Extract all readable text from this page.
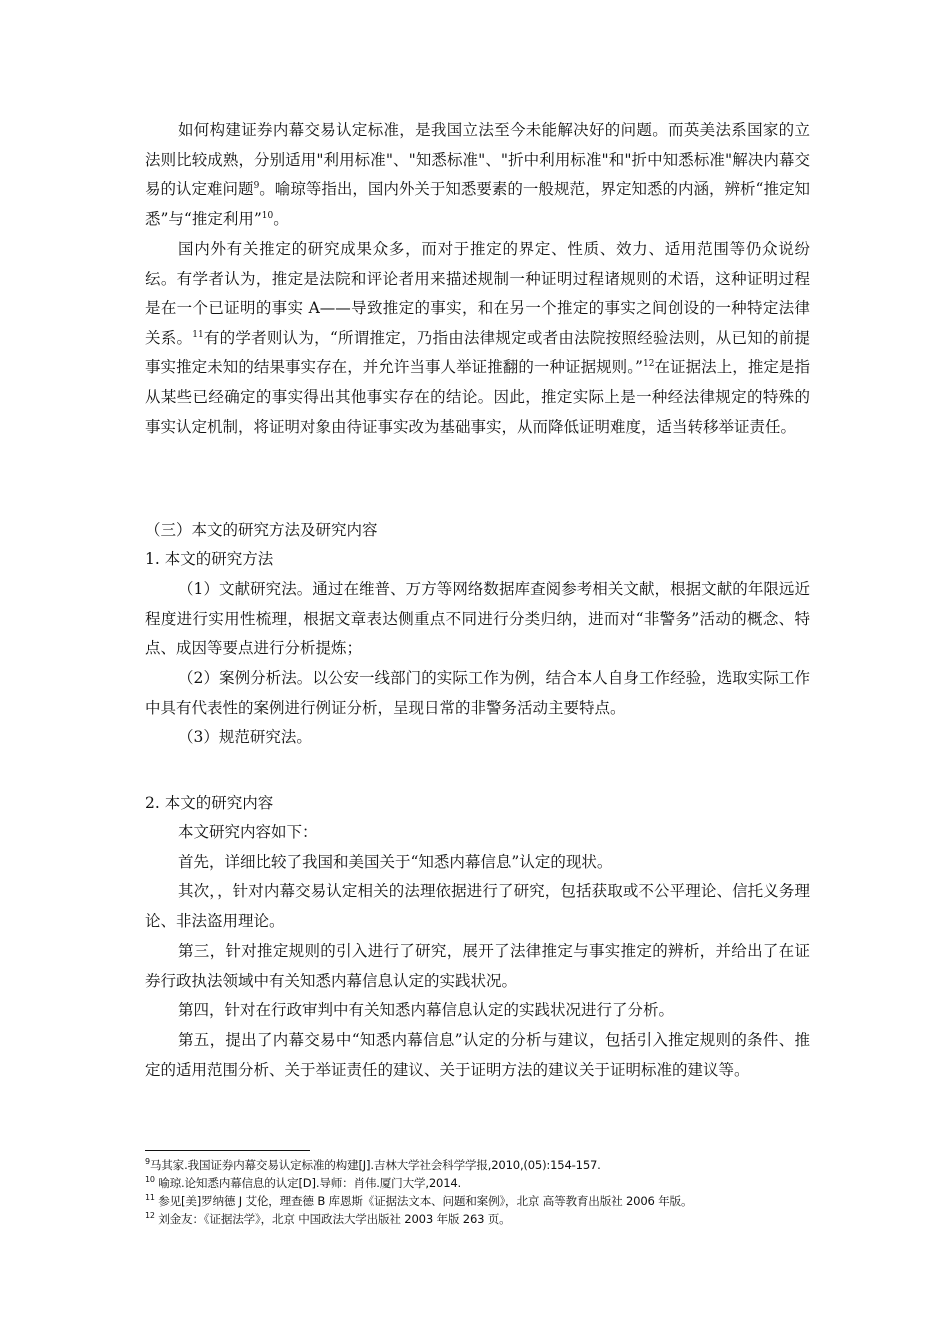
如何构建证券内幕交易认定标准，是我国立法至今未能解决好的问题。而英美法系国家的立法则比较成熟，分别适用"利用标准"、"知悉标准"、"折中利用标准"和"折中知悉标准"解决内幕交易的认定难问题$^9$。喻琼等指出，国内外关于知悉要素的一般规范，界定知悉的内涵，辨析“推定知悉”与“推定利用”$^{10}$。

国内外有关推定的研究成果众多，而对于推定的界定、性质、效力、适用范围等仍众说纷纭。有学者认为，推定是法院和评论者用来描述规制一种证明过程诸规则的术语，这种证明过程是在一个已证明的事实 A——导致推定的事实，和在另一个推定的事实之间创设的一种特定法律关系。$^{11}$有的学者则认为，“所谓推定，乃指由法律规定或者由法院按照经验法则，从已知的前提事实推定未知的结果事实存在，并允许当事人举证推翻的一种证据规则。”$^{12}$在证据法上，推定是指从某些已经确定的事实得出其他事实存在的结论。因此，推定实际上是一种经法律规定的特殊的事实认定机制，将证明对象由待证事实改为基础事实，从而降低证明难度，适当转移举证责任。

（三）本文的研究方法及研究内容

1. 本文的研究方法

（1）文献研究法。通过在维普、万方等网络数据库查阅参考相关文献，根据文献的年限远近程度进行实用性梳理，根据文章表达侧重点不同进行分类归纳，进而对“非警务”活动的概念、特点、成因等要点进行分析提炼；

（2）案例分析法。以公安一线部门的实际工作为例，结合本人自身工作经验，选取实际工作中具有代表性的案例进行例证分析，呈现日常的非警务活动主要特点。

（3）规范研究法。

2. 本文的研究内容

本文研究内容如下：

首先，详细比较了我国和美国关于“知悉内幕信息”认定的现状。

其次，，针对内幕交易认定相关的法理依据进行了研究，包括获取或不公平理论、信托义务理论、非法盗用理论。

第三，针对推定规则的引入进行了研究，展开了法律推定与事实推定的辨析，并给出了在证券行政执法领域中有关知悉内幕信息认定的实践状况。

第四，针对在行政审判中有关知悉内幕信息认定的实践状况进行了分析。

第五，提出了内幕交易中“知悉内幕信息”认定的分析与建议，包括引入推定规则的条件、推定的适用范围分析、关于举证责任的建议、关于证明方法的建议关于证明标准的建议等。

$^9$马其家.我国证券内幕交易认定标准的构建[J].吉林大学社会科学学报,2010,(05):154-157.

$^{10}$ 喻琼.论知悉内幕信息的认定[D].导师：肖伟.厦门大学,2014.

$^{11}$ 参见[美]罗纳德 J 艾伦，理查德 B 库恩斯《证据法文本、问题和案例》，北京 高等教育出版社 2006 年版。

$^{12}$ 刘金友：《证据法学》，北京 中国政法大学出版社 2003 年版 263 页。
